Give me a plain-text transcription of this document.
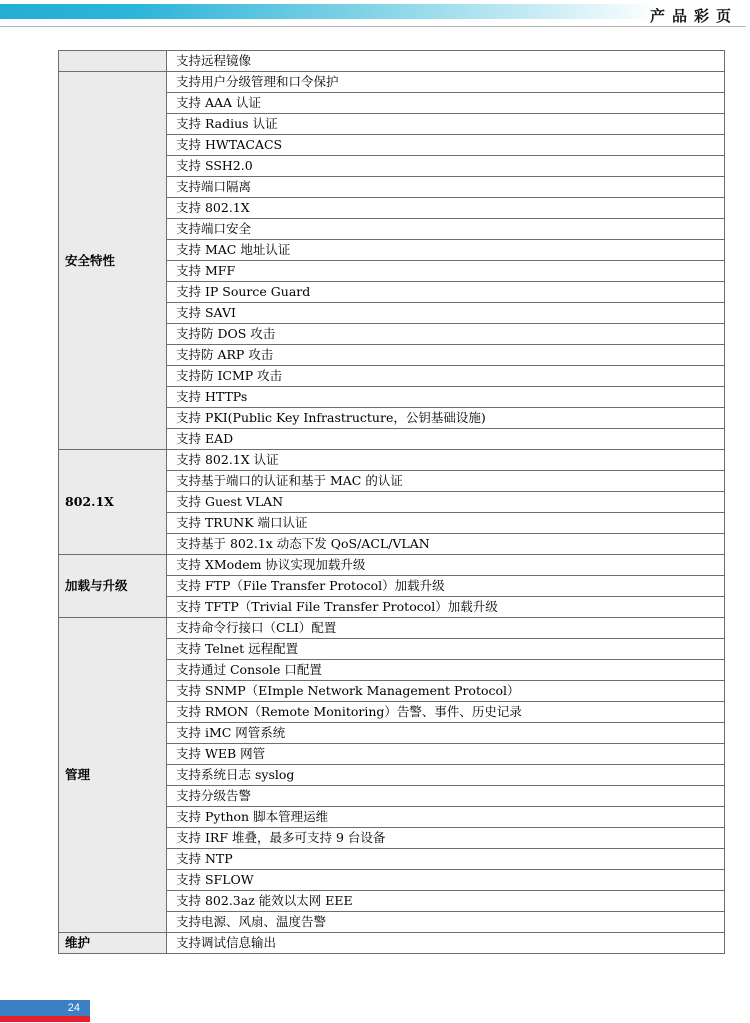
产品彩页
	支持远程镜像
安全特性	支持用户分级管理和口令保护
	支持 AAA 认证
	支持 Radius 认证
	支持 HWTACACS
	支持 SSH2.0
	支持端口隔离
	支持 802.1X
	支持端口安全
	支持 MAC 地址认证
	支持 MFF
	支持 IP Source Guard
	支持 SAVI
	支持防 DOS 攻击
	支持防 ARP 攻击
	支持防 ICMP 攻击
	支持 HTTPs
	支持 PKI(Public Key Infrastructure，公钥基础设施)
	支持 EAD
802.1X	支持 802.1X 认证
	支持基于端口的认证和基于 MAC 的认证
	支持 Guest VLAN
	支持 TRUNK 端口认证
	支持基于 802.1x 动态下发 QoS/ACL/VLAN
加载与升级	支持 XModem 协议实现加载升级
	支持 FTP（File Transfer Protocol）加载升级
	支持 TFTP（Trivial File Transfer Protocol）加载升级
管理	支持命令行接口（CLI）配置
	支持 Telnet 远程配置
	支持通过 Console 口配置
	支持 SNMP（EImple Network Management Protocol）
	支持 RMON（Remote Monitoring）告警、事件、历史记录
	支持 iMC 网管系统
	支持 WEB 网管
	支持系统日志 syslog
	支持分级告警
	支持 Python 脚本管理运维
	支持 IRF 堆叠，最多可支持 9 台设备
	支持 NTP
	支持 SFLOW
	支持 802.3az 能效以太网 EEE
	支持电源、风扇、温度告警
维护	支持调试信息输出
24
